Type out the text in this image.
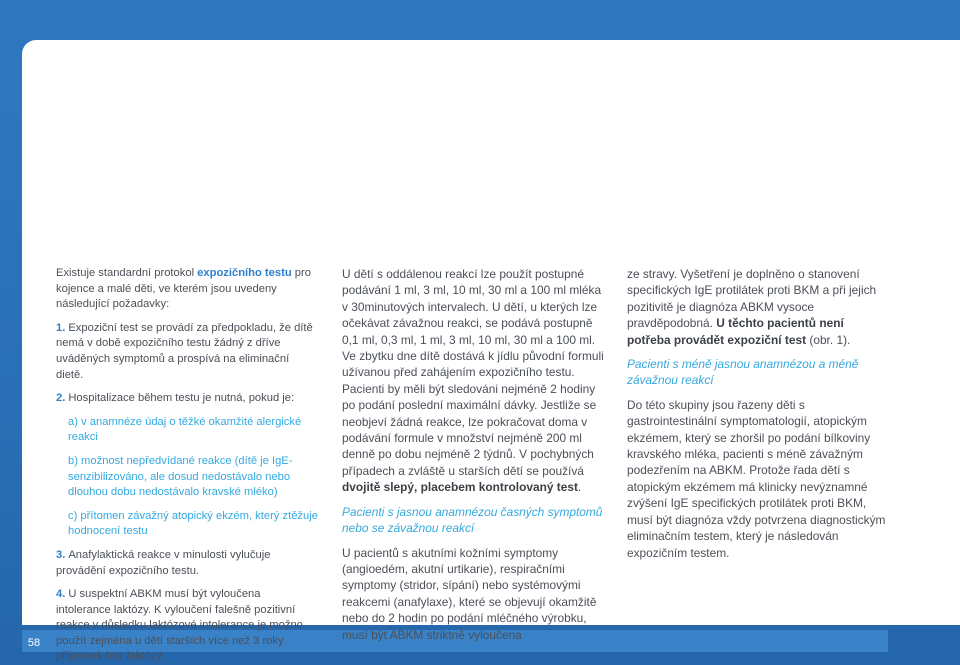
58

Existuje standardní protokol expozičního testu pro kojence a malé děti, ve kterém jsou uvedeny následující požadavky:

1. Expoziční test se provádí za předpokladu, že dítě nemá v době expozičního testu žádný z dříve uváděných symptomů a prospívá na eliminační dietě.

2. Hospitalizace během testu je nutná, pokud je:

a) v anamnéze údaj o těžké okamžité alergické reakci

b) možnost nepředvídané reakce (dítě je IgE-senzibilizováno, ale dosud nedostávalo nebo dlouhou dobu nedostávalo kravské mléko)

c) přítomen závažný atopický ekzém, který ztěžuje hodnocení testu

3. Anafylaktická reakce v minulosti vylučuje provádění expozičního testu.

4. U suspektní ABKM musí být vyloučena intolerance laktózy. K vyloučení falešně pozitivní reakce v důsledku laktózové intolerance je možno použít zejména u dětí starších více než 3 roky přípravek bez laktózy.

U dětí s oddálenou reakcí lze použít postupné podávání 1 ml, 3 ml, 10 ml, 30 ml a 100 ml mléka v 30minutových intervalech. U dětí, u kterých lze očekávat závažnou reakci, se podává postupně 0,1 ml, 0,3 ml, 1 ml, 3 ml, 10 ml, 30 ml a 100 ml. Ve zbytku dne dítě dostává k jídlu původní formuli užívanou před zahájením expozičního testu. Pacienti by měli být sledováni nejméně 2 hodiny po podání poslední maximální dávky. Jestliže se neobjeví žádná reakce, lze pokračovat doma v podávání formule v množství nejméně 200 ml denně po dobu nejméně 2 týdnů. V pochybných případech a zvláště u starších dětí se používá dvojitě slepý, placebem kontrolovaný test.

Pacienti s jasnou anamnézou časných symptomů nebo se závažnou reakcí

U pacientů s akutními kožními symptomy (angioedém, akutní urtikarie), respiračními symptomy (stridor, sípání) nebo systémovými reakcemi (anafylaxe), které se objevují okamžitě nebo do 2 hodin po podání mléčného výrobku, musí být ABKM striktně vyloučena

ze stravy. Vyšetření je doplněno o stanovení specifických IgE protilátek proti BKM a při jejich pozitivitě je diagnóza ABKM vysoce pravděpodobná. U těchto pacientů není potřeba provádět expoziční test (obr. 1).

Pacienti s méně jasnou anamnézou a méně závažnou reakcí

Do této skupiny jsou řazeny děti s gastrointestinální symptomatologií, atopickým ekzémem, který se zhoršil po podání bílkoviny kravského mléka, pacienti s méně závažným podezřením na ABKM. Protože řada dětí s atopickým ekzémem má klinicky nevýznamné zvýšení IgE specifických protilátek proti BKM, musí být diagnóza vždy potvrzena diagnostickým eliminačním testem, který je následován expozičním testem.
